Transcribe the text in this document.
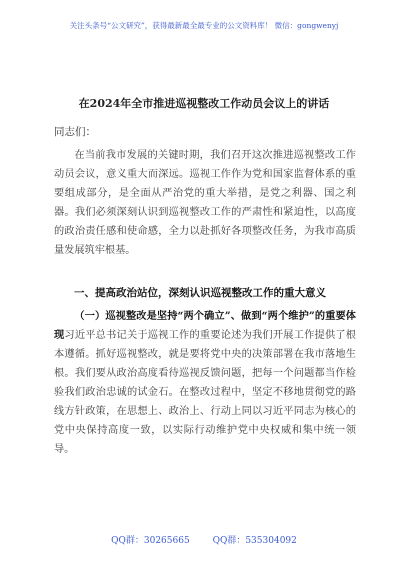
关注头条号“公文研究”，获得最新最全最专业的公文资料库！ 微信：gongwenyj
在2024年全市推进巡视整改工作动员会议上的讲话
同志们：

在当前我市发展的关键时期，我们召开这次推进巡视整改工作动员会议，意义重大而深远。巡视工作作为党和国家监督体系的重要组成部分，是全面从严治党的重大举措，是党之利器、国之利器。我们必须深刻认识到巡视整改工作的严肃性和紧迫性，以高度的政治责任感和使命感，全力以赴抓好各项整改任务，为我市高质量发展筑牢根基。

一、提高政治站位，深刻认识巡视整改工作的重大意义

（一）巡视整改是坚持“两个确立”、做到“两个维护”的重要体现习近平总书记关于巡视工作的重要论述为我们开展工作提供了根本遵循。抓好巡视整改，就是要将党中央的决策部署在我市落地生根。我们要从政治高度看待巡视反馈问题，把每一个问题都当作检验我们政治忠诚的试金石。在整改过程中，坚定不移地贯彻党的路线方针政策，在思想上、政治上、行动上同以习近平同志为核心的党中央保持高度一致，以实际行动维护党中央权威和集中统一领导。

QQ群：30265665	QQ群：535304092
